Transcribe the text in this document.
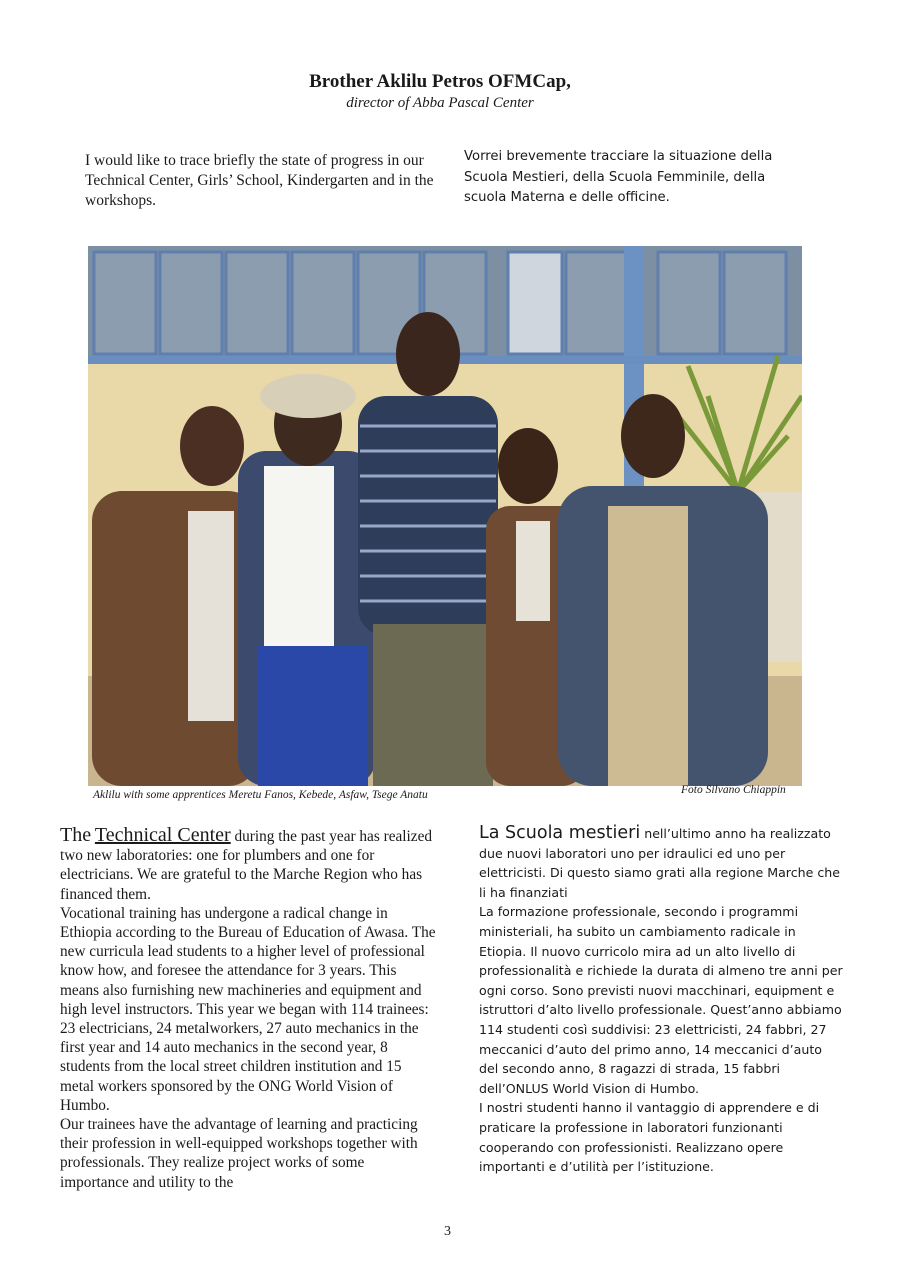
Brother Aklilu Petros OFMCap,
director of Abba Pascal Center
I would like to trace briefly the state of progress in our Technical Center, Girls’ School, Kindergarten and in the workshops.
Vorrei brevemente tracciare la situazione della Scuola Mestieri, della Scuola Femminile, della scuola Materna e delle officine.
Aklilu with some apprentices Meretu Fanos, Kebede, Asfaw, Tsege Anatu	Foto Silvano Chiappin

The Technical Center during the past year has realized two new laboratories: one for plumbers and one for electricians. We are grateful to the Marche Region who has financed them.

Vocational training has undergone a radical change in Ethiopia according to the Bureau of Education of Awasa. The new curricula lead students to a higher level of professional know how, and foresee the attendance for 3 years. This means also furnishing new machineries and equipment and high level instructors. This year we began with 114 trainees: 23 electricians, 24 metalworkers, 27 auto mechanics in the first year and 14 auto mechanics in the second year, 8 students from the local street children institution and 15 metal workers sponsored by the ONG World Vision of Humbo.

Our trainees have the advantage of learning and practicing their profession in well-equipped workshops together with professionals. They realize project works of some importance and utility to the

La Scuola mestieri nell’ultimo anno ha realizzato due nuovi laboratori uno per idraulici ed uno per elettricisti. Di questo siamo grati alla regione Marche che li ha finanziati

La formazione professionale, secondo i programmi ministeriali, ha subito un cambiamento radicale in Etiopia. Il nuovo curricolo mira ad un alto livello di professionalità e richiede la durata di almeno tre anni per ogni corso. Sono previsti nuovi macchinari, equipment e istruttori d’alto livello professionale. Quest’anno abbiamo 114 studenti così suddivisi: 23 elettricisti, 24 fabbri, 27 meccanici d’auto del primo anno, 14 meccanici d’auto del secondo anno, 8 ragazzi di strada, 15 fabbri dell’ONLUS World Vision di Humbo.

I nostri studenti hanno il vantaggio di apprendere e di praticare la professione in laboratori funzionanti cooperando con professionisti. Realizzano opere importanti e d’utilità per l’istituzione.

3
